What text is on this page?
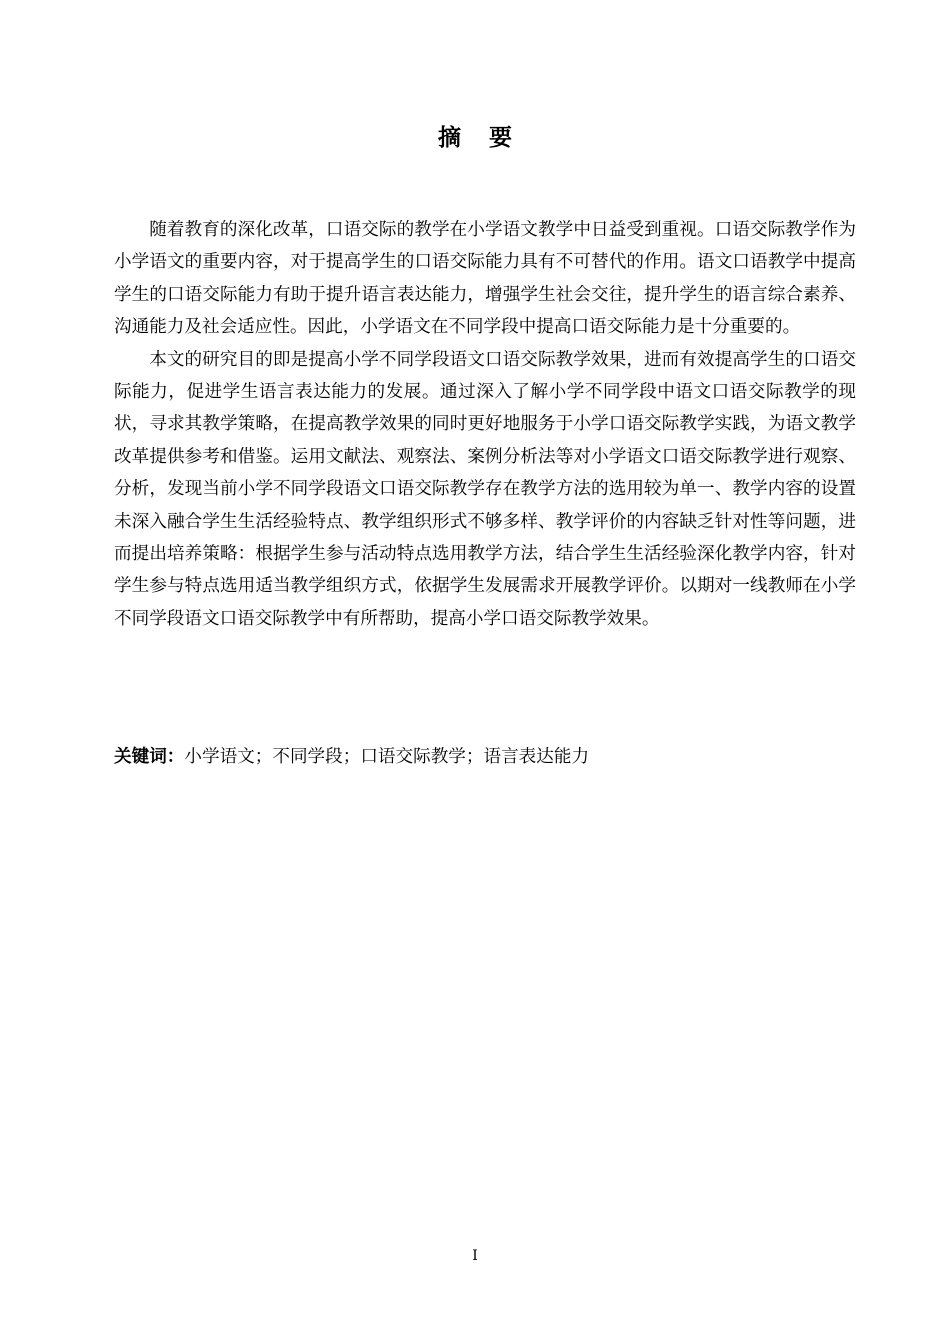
摘要

随着教育的深化改革，口语交际的教学在小学语文教学中日益受到重视。口语交际教学作为小学语文的重要内容，对于提高学生的口语交际能力具有不可替代的作用。语文口语教学中提高学生的口语交际能力有助于提升语言表达能力，增强学生社会交往，提升学生的语言综合素养、沟通能力及社会适应性。因此，小学语文在不同学段中提高口语交际能力是十分重要的。

本文的研究目的即是提高小学不同学段语文口语交际教学效果，进而有效提高学生的口语交际能力，促进学生语言表达能力的发展。通过深入了解小学不同学段中语文口语交际教学的现状，寻求其教学策略，在提高教学效果的同时更好地服务于小学口语交际教学实践，为语文教学改革提供参考和借鉴。运用文献法、观察法、案例分析法等对小学语文口语交际教学进行观察、分析，发现当前小学不同学段语文口语交际教学存在教学方法的选用较为单一、教学内容的设置未深入融合学生生活经验特点、教学组织形式不够多样、教学评价的内容缺乏针对性等问题，进而提出培养策略：根据学生参与活动特点选用教学方法，结合学生生活经验深化教学内容，针对学生参与特点选用适当教学组织方式，依据学生发展需求开展教学评价。以期对一线教师在小学不同学段语文口语交际教学中有所帮助，提高小学口语交际教学效果。

关键词：小学语文；不同学段；口语交际教学；语言表达能力
I
